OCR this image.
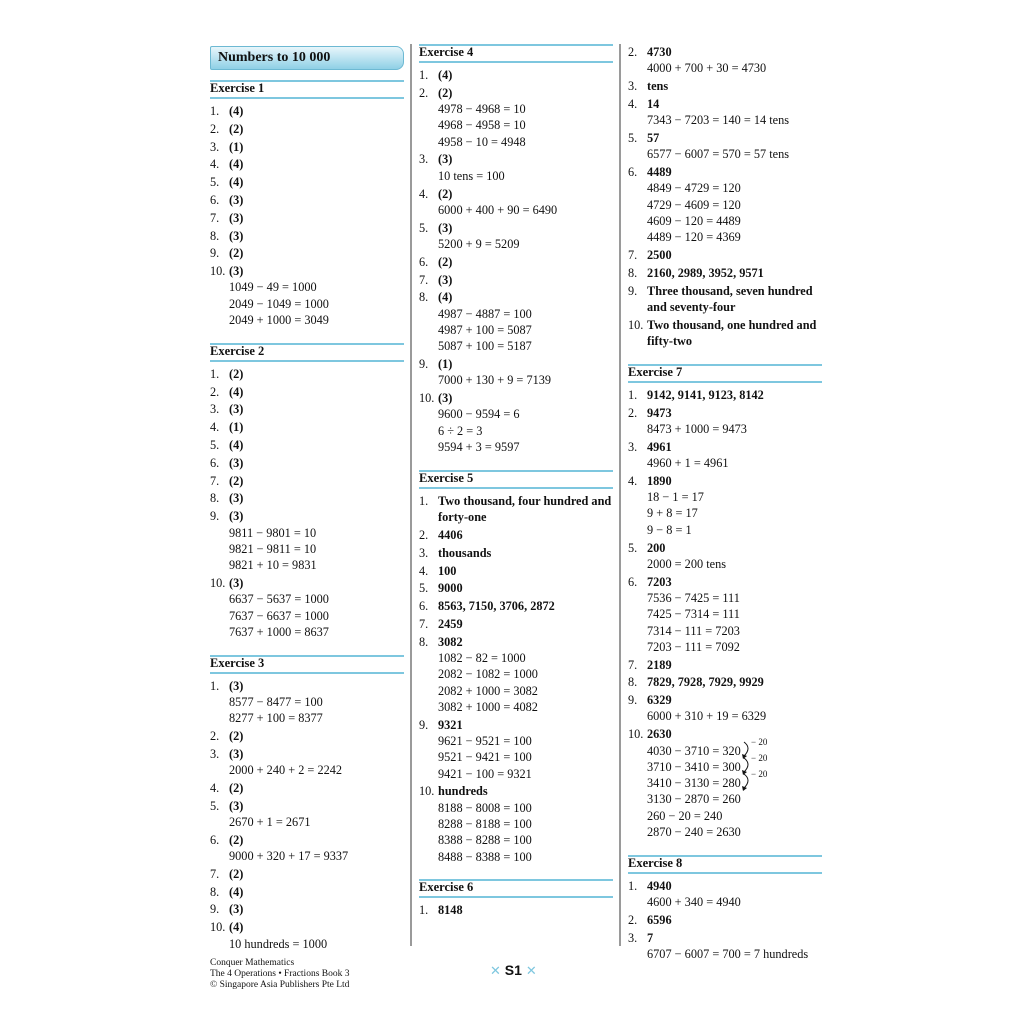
Numbers to 10 000
Exercise 1
1. (4)
2. (2)
3. (1)
4. (4)
5. (4)
6. (3)
7. (3)
8. (3)
9. (2)
10. (3)
1049 − 49 = 1000
2049 − 1049 = 1000
2049 + 1000 = 3049
Exercise 2
1. (2)
2. (4)
3. (3)
4. (1)
5. (4)
6. (3)
7. (2)
8. (3)
9. (3)
9811 − 9801 = 10
9821 − 9811 = 10
9821 + 10 = 9831
10. (3)
6637 − 5637 = 1000
7637 − 6637 = 1000
7637 + 1000 = 8637
Exercise 3
1. (3)
8577 − 8477 = 100
8277 + 100 = 8377
2. (2)
3. (3)
2000 + 240 + 2 = 2242
4. (2)
5. (3)
2670 + 1 = 2671
6. (2)
9000 + 320 + 17 = 9337
7. (2)
8. (4)
9. (3)
10. (4)
10 hundreds = 1000
Exercise 4
1. (4)
2. (2)
4978 − 4968 = 10
4968 − 4958 = 10
4958 − 10 = 4948
3. (3)
10 tens = 100
4. (2)
6000 + 400 + 90 = 6490
5. (3)
5200 + 9 = 5209
6. (2)
7. (3)
8. (4)
4987 − 4887 = 100
4987 + 100 = 5087
5087 + 100 = 5187
9. (1)
7000 + 130 + 9 = 7139
10. (3)
9600 − 9594 = 6
6 ÷ 2 = 3
9594 + 3 = 9597
Exercise 5
1. Two thousand, four hundred and forty-one
2. 4406
3. thousands
4. 100
5. 9000
6. 8563, 7150, 3706, 2872
7. 2459
8. 3082
1082 − 82 = 1000
2082 − 1082 = 1000
2082 + 1000 = 3082
3082 + 1000 = 4082
9. 9321
9621 − 9521 = 100
9521 − 9421 = 100
9421 − 100 = 9321
10. hundreds
8188 − 8008 = 100
8288 − 8188 = 100
8388 − 8288 = 100
8488 − 8388 = 100
Exercise 6
1. 8148
2. 4730
4000 + 700 + 30 = 4730
3. tens
4. 14
7343 − 7203 = 140 = 14 tens
5. 57
6577 − 6007 = 570 = 57 tens
6. 4489
4849 − 4729 = 120
4729 − 4609 = 120
4609 − 120 = 4489
4489 − 120 = 4369
7. 2500
8. 2160, 2989, 3952, 9571
9. Three thousand, seven hundred and seventy-four
10. Two thousand, one hundred and fifty-two
Exercise 7
1. 9142, 9141, 9123, 8142
2. 9473
8473 + 1000 = 9473
3. 4961
4960 + 1 = 4961
4. 1890
18 − 1 = 17
9 + 8 = 17
9 − 8 = 1
5. 200
2000 = 200 tens
6. 7203
7536 − 7425 = 111
7425 − 7314 = 111
7314 − 111 = 7203
7203 − 111 = 7092
7. 2189
8. 7829, 7928, 7929, 9929
9. 6329
6000 + 310 + 19 = 6329
10. 2630
4030 − 3710 = 320
3710 − 3410 = 300
3410 − 3130 = 280
3130 − 2870 = 260
260 − 20 = 240
2870 − 240 = 2630
Exercise 8
1. 4940
4600 + 340 = 4940
2. 6596
3. 7
6707 − 6007 = 700 = 7 hundreds
− 20
− 20
− 20
Conquer Mathematics
The 4 Operations • Fractions Book 3
© Singapore Asia Publishers Pte Ltd
✕ S1 ✕
